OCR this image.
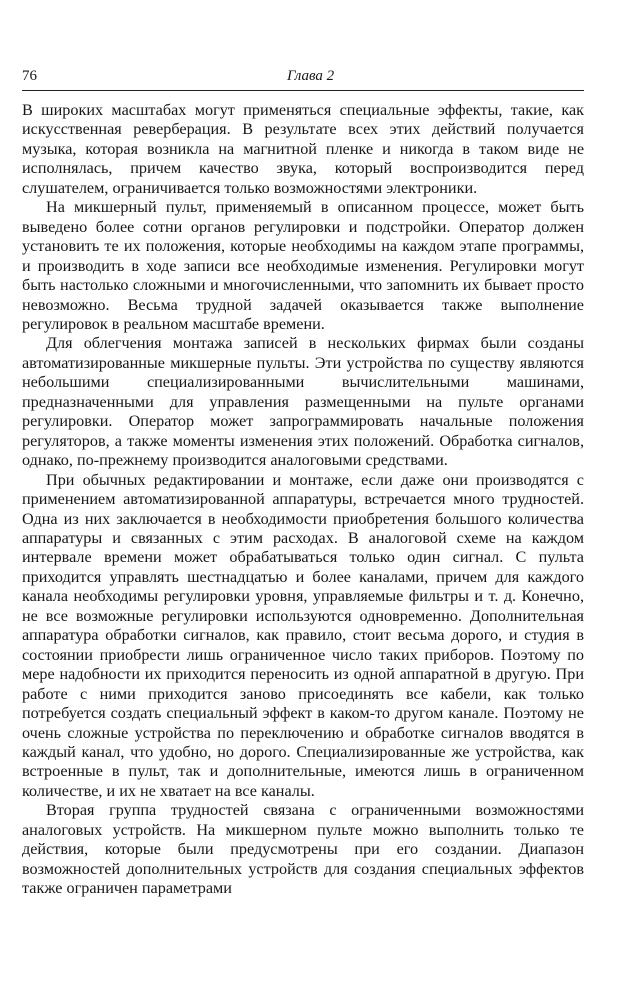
76	Глава 2

В широких масштабах могут применяться специальные эффекты, такие, как искусственная реверберация. В результате всех этих действий получается музыка, которая возникла на магнитной пленке и никогда в таком виде не исполнялась, причем качество звука, который воспроизводится перед слушателем, ограничивается только возможностями электроники.

На микшерный пульт, применяемый в описанном процессе, может быть выведено более сотни органов регулировки и подстройки. Оператор должен установить те их положения, которые необходимы на каждом этапе программы, и производить в ходе записи все необходимые изменения. Регулировки могут быть настолько сложными и многочисленными, что запомнить их бывает просто невозможно. Весьма трудной задачей оказывается также выполнение регулировок в реальном масштабе времени.

Для облегчения монтажа записей в нескольких фирмах были созданы автоматизированные микшерные пульты. Эти устройства по существу являются небольшими специализированными вычислительными машинами, предназначенными для управления размещенными на пульте органами регулировки. Оператор может запрограммировать начальные положения регуляторов, а также моменты изменения этих положений. Обработка сигналов, однако, по-прежнему производится аналоговыми средствами.

При обычных редактировании и монтаже, если даже они производятся с применением автоматизированной аппаратуры, встречается много трудностей. Одна из них заключается в необходимости приобретения большого количества аппаратуры и связанных с этим расходах. В аналоговой схеме на каждом интервале времени может обрабатываться только один сигнал. С пульта приходится управлять шестнадцатью и более каналами, причем для каждого канала необходимы регулировки уровня, управляемые фильтры и т. д. Конечно, не все возможные регулировки используются одновременно. Дополнительная аппаратура обработки сигналов, как правило, стоит весьма дорого, и студия в состоянии приобрести лишь ограниченное число таких приборов. Поэтому по мере надобности их приходится переносить из одной аппаратной в другую. При работе с ними приходится заново присоединять все кабели, как только потребуется создать специальный эффект в каком-то другом канале. Поэтому не очень сложные устройства по переключению и обработке сигналов вводятся в каждый канал, что удобно, но дорого. Специализированные же устройства, как встроенные в пульт, так и дополнительные, имеются лишь в ограниченном количестве, и их не хватает на все каналы.

Вторая группа трудностей связана с ограниченными возможностями аналоговых устройств. На микшерном пульте можно выполнить только те действия, которые были предусмотрены при его создании. Диапазон возможностей дополнительных устройств для создания специальных эффектов также ограничен параметрами
